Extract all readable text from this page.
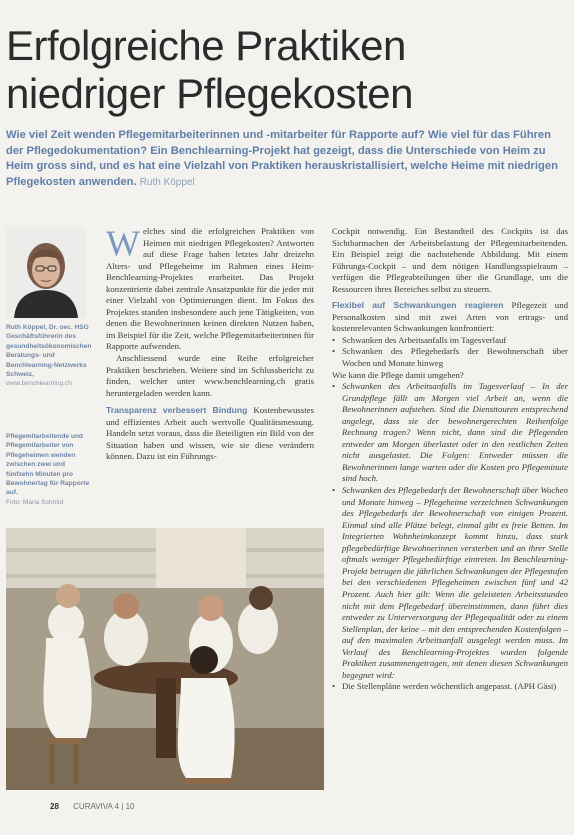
Erfolgreiche Praktiken
niedriger Pflegekosten

Wie viel Zeit wenden Pflegemitarbeiterinnen und -mitarbeiter für Rapporte auf? Wie viel für das Führen der Pflegedokumentation? Ein Benchlearning-Projekt hat gezeigt, dass die Unterschiede von Heim zu Heim gross sind, und es hat eine Vielzahl von Praktiken herauskristallisiert, welche Heime mit niedrigen Pflegekosten anwenden. Ruth Köppel

Ruth Köppel, Dr. oec. HSG Geschäftsführerin des gesundheitsökonomischen Beratungs- und Benchlearning-Netzwerks Schweiz, www.benchlearning.ch
Pflegemitarbeitende und Pflegemitarbeiter von Pflegeheimen wenden zwischen zwei und fünfzehn Minuten pro Bewohnertag für Rapporte auf.
Foto: Maria Schmid

W elches sind die erfolgreichen Praktiken von Heimen mit niedrigen Pflegekosten? Antworten auf diese Frage haben letztes Jahr dreizehn Alters- und Pflegeheime im Rahmen eines Heim-Benchlearning-Projektes erarbeitet. Das Projekt konzentrierte dabei zentrale Ansatzpunkte für die jeder mit einer Vielzahl von Optimierungen dient. Im Fokus des Projektes standen insbesondere auch jene Tätigkeiten, von denen die Bewohnerinnen keinen direkten Nutzen haben, im Beispiel für die Zeit, welche Pflegemitarbeiterinnen für Rapporte aufwenden.

Anschliessend wurde eine Reihe erfolgreicher Praktiken beschrieben. Weitere sind im Schlussbericht zu finden, welcher unter www.benchlearning.ch gratis heruntergeladen werden kann.

Transparenz verbessert Bindung Kostenbewusstes und effizientes Arbeit auch wertvolle Qualitätsmessung. Handeln setzt voraus, dass die Beteiligten ein Bild von der Situation haben und wissen, wie sie diese verändern können. Dazu ist ein Führungs-

Cockpit notwendig. Ein Bestandteil des Cockpits ist das Sichtbarmachen der Arbeitsbelastung der Pflegemitarbeitenden. Ein Beispiel zeigt die nachstehende Abbildung. Mit einem Führungs-Cockpit – und dem nötigen Handlungsspielraum – verfügen die Pflegeabteilungen über die Grundlage, um die Ressourcen ihres Bereiches selbst zu steuern.

Flexibel auf Schwankungen reagieren Pflegezeit und Personalkosten sind mit zwei Arten von ertrags- und kostenrelevanten Schwankungen konfrontiert:

• Schwanken des Arbeitsanfalls im Tagesverlauf
• Schwanken des Pflegebedarfs der Bewohnerschaft über Wochen und Monate hinweg

Wie kann die Pflege damit umgehen?

• Schwanken des Arbeitsanfalls im Tagesverlauf – In der Grundpflege fällt am Morgen viel Arbeit an, wenn die Bewohnerinnen aufstehen. Sind die Diensttouren entsprechend angelegt, dass sie der bewohnergerechten Reihenfolge Rechnung tragen? Wenn nicht, dann sind die Pflegenden entweder am Morgen überlastet oder in den restlichen Zeiten nicht ausgelastet. Die Folgen: Entweder müssen die Bewohnerinnen lange warten oder die Kosten pro Pflegeminute sind hoch.
• Schwanken des Pflegebedarfs der Bewohnerschaft über Wochen und Monate hinweg – Pflegeheime verzeichnen Schwankungen des Pflegebedarfs der Bewohnerschaft von einigen Prozent. Einmal sind alle Plätze belegt, einmal gibt es freie Betten. Im Integrierten Wohnheimkonzept kommt hinzu, dass stark pflegebedürftige Bewohnerinnen versterben und an ihrer Stelle oftmals weniger Pflegebedürftige eintreten. Im Benchlearning-Projekt betrugen die jährlichen Schwankungen der Pflegestufen bei den verschiedenen Pflegeheimen zwischen fünf und 42 Prozent. Auch hier gilt: Wenn die geleisteten Arbeitsstunden nicht mit dem Pflegebedarf übereinstimmen, dann führt dies entweder zu Unterversorgung der Pflegequalität oder zu einem Stellenplan, der keine – mit den entsprechenden Kostenfolgen – auf den maximalen Arbeitsanfall ausgelegt werden muss. Im Verlauf des Benchlearning-Projektes wurden folgende Praktiken zusammengetragen, mit denen diesen Schwankungen begegnet wird:
• Die Stellenpläne werden wöchentlich angepasst. (APH Gäsi)
28 CURAVIVA 4 | 10
